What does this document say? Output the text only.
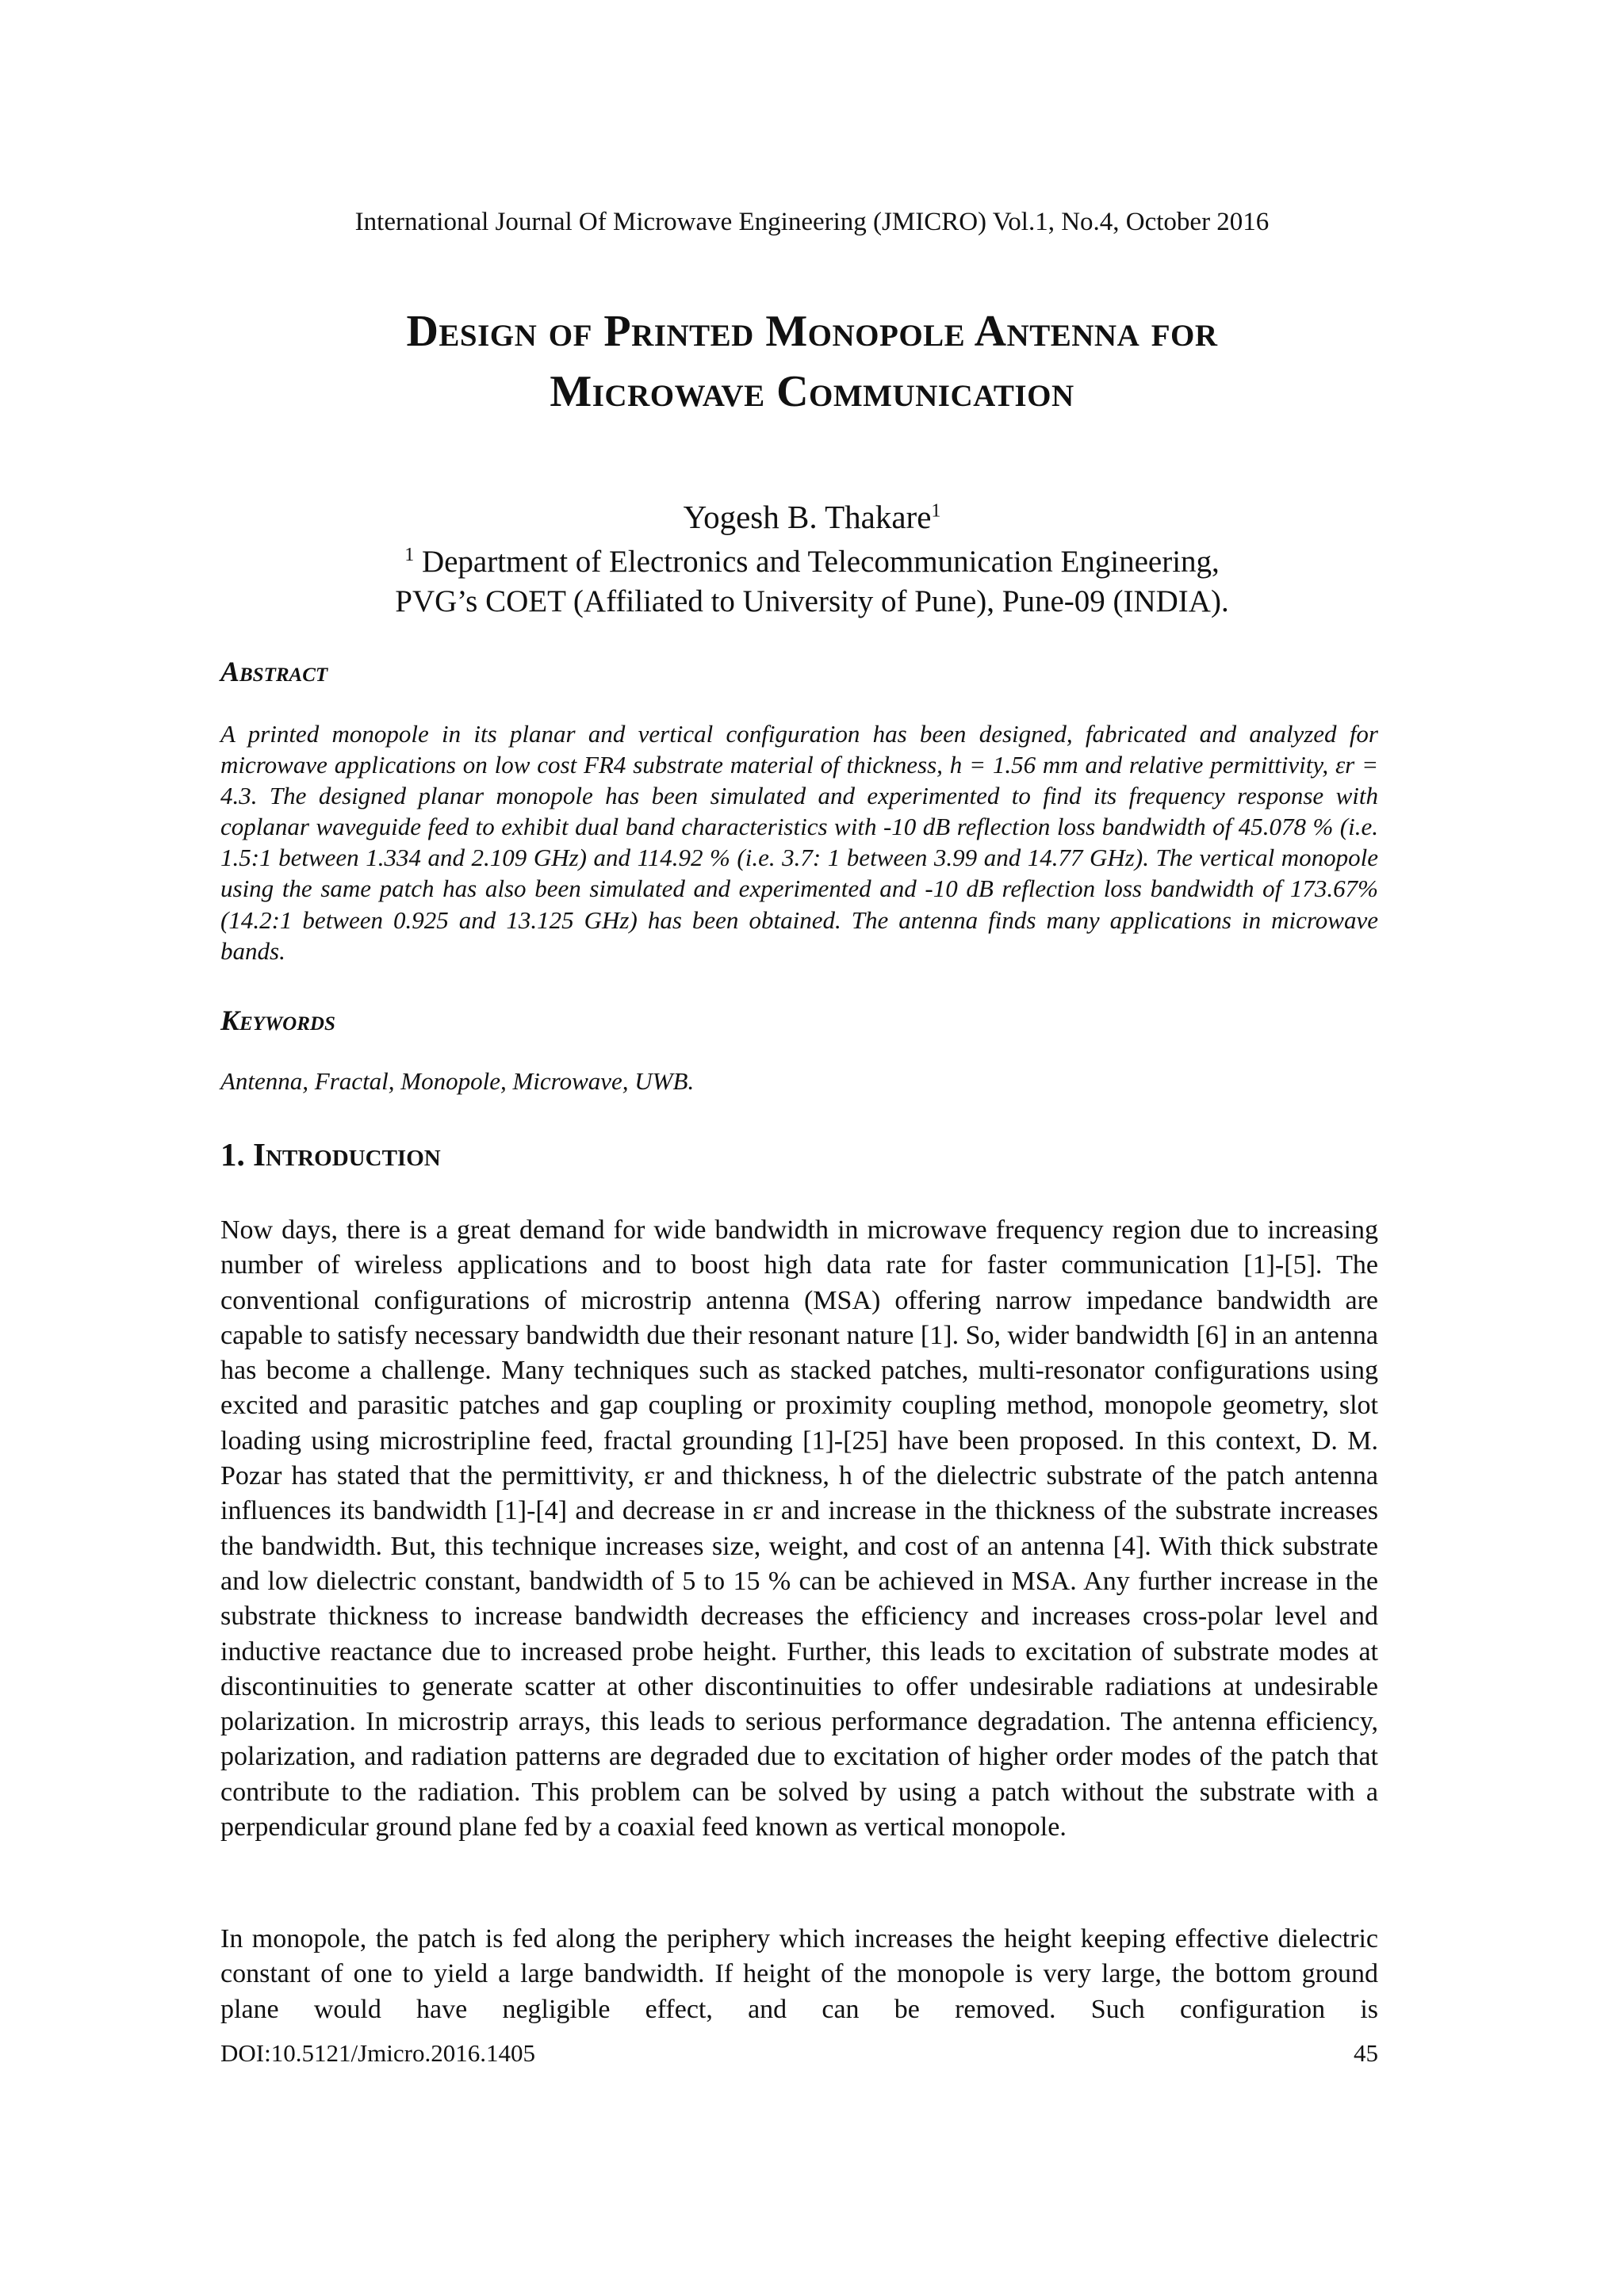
International Journal Of Microwave Engineering (JMICRO) Vol.1, No.4, October 2016
Design of Printed Monopole Antenna for
Microwave Communication
Yogesh B. Thakare$^1$
$^1$ Department of Electronics and Telecommunication Engineering,
PVG’s COET (Affiliated to University of Pune), Pune-09 (INDIA).
Abstract
A printed monopole in its planar and vertical configuration has been designed, fabricated and analyzed for microwave applications on low cost FR4 substrate material of thickness, h = 1.56 mm and relative permittivity, εr = 4.3. The designed planar monopole has been simulated and experimented to find its frequency response with coplanar waveguide feed to exhibit dual band characteristics with -10 dB reflection loss bandwidth of 45.078 % (i.e. 1.5:1 between 1.334 and 2.109 GHz) and 114.92 % (i.e. 3.7: 1 between 3.99 and 14.77 GHz). The vertical monopole using the same patch has also been simulated and experimented and -10 dB reflection loss bandwidth of 173.67% (14.2:1 between 0.925 and 13.125 GHz) has been obtained. The antenna finds many applications in microwave bands.
Keywords
Antenna, Fractal, Monopole, Microwave, UWB.
1. Introduction
Now days, there is a great demand for wide bandwidth in microwave frequency region due to increasing number of wireless applications and to boost high data rate for faster communication [1]-[5]. The conventional configurations of microstrip antenna (MSA) offering narrow impedance bandwidth are capable to satisfy necessary bandwidth due their resonant nature [1]. So, wider bandwidth [6] in an antenna has become a challenge. Many techniques such as stacked patches, multi-resonator configurations using excited and parasitic patches and gap coupling or proximity coupling method, monopole geometry, slot loading using microstripline feed, fractal grounding [1]-[25] have been proposed. In this context, D. M. Pozar has stated that the permittivity, εr and thickness, h of the dielectric substrate of the patch antenna influences its bandwidth [1]-[4] and decrease in εr and increase in the thickness of the substrate increases the bandwidth. But, this technique increases size, weight, and cost of an antenna [4]. With thick substrate and low dielectric constant, bandwidth of 5 to 15 % can be achieved in MSA. Any further increase in the substrate thickness to increase bandwidth decreases the efficiency and increases cross-polar level and inductive reactance due to increased probe height. Further, this leads to excitation of substrate modes at discontinuities to generate scatter at other discontinuities to offer undesirable radiations at undesirable polarization. In microstrip arrays, this leads to serious performance degradation. The antenna efficiency, polarization, and radiation patterns are degraded due to excitation of higher order modes of the patch that contribute to the radiation. This problem can be solved by using a patch without the substrate with a perpendicular ground plane fed by a coaxial feed known as vertical monopole.
In monopole, the patch is fed along the periphery which increases the height keeping effective dielectric constant of one to yield a large bandwidth. If height of the monopole is very large, the bottom ground plane would have negligible effect, and can be removed. Such configuration is
DOI:10.5121/Jmicro.2016.1405	45
